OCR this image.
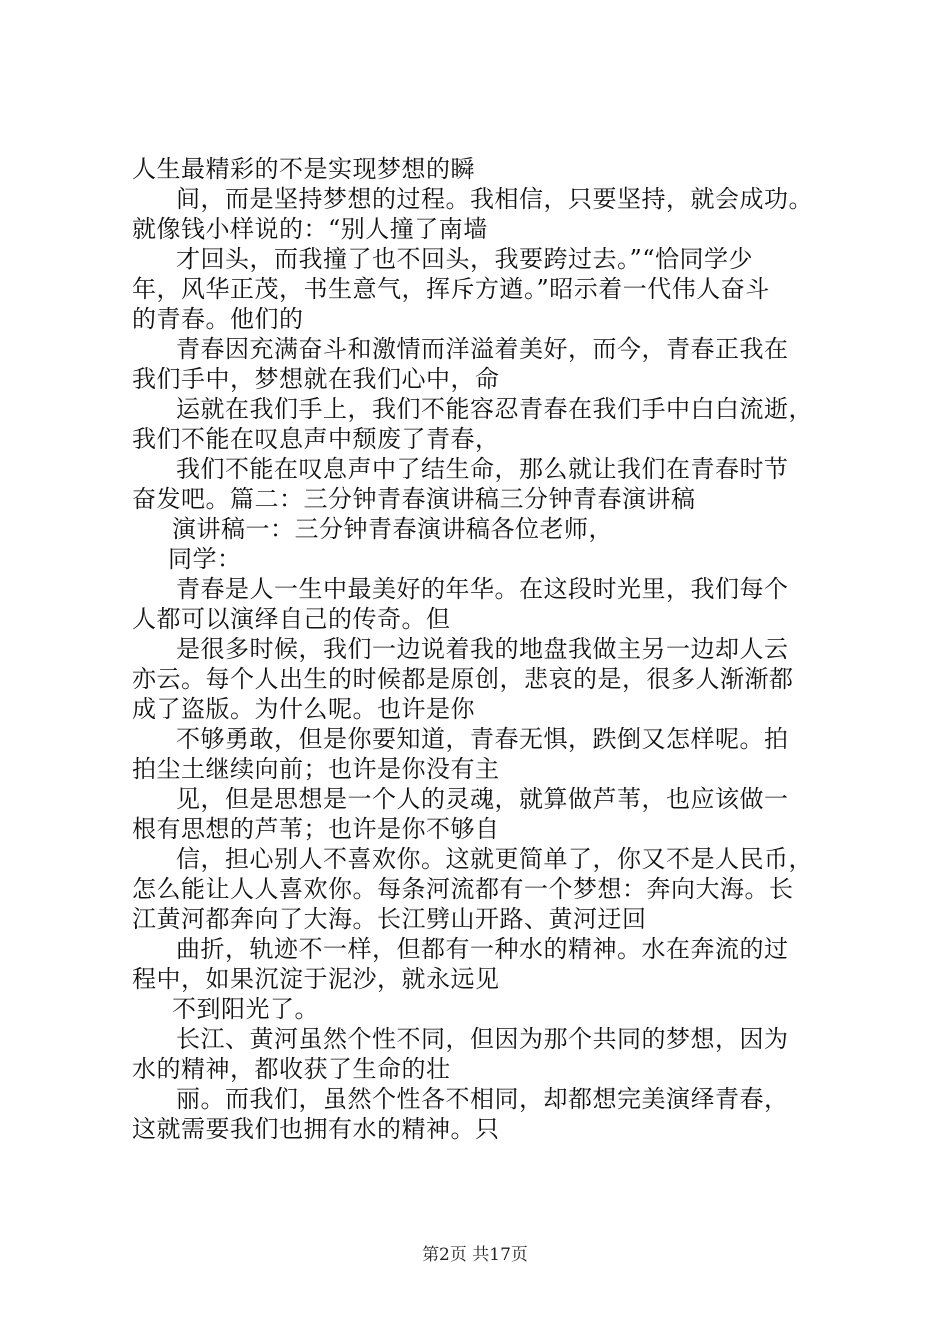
人生最精彩的不是实现梦想的瞬
间，而是坚持梦想的过程。我相信，只要坚持，就会成功。
就像钱小样说的：“别人撞了南墙
才回头，而我撞了也不回头，我要跨过去。”“恰同学少
年，风华正茂，书生意气，挥斥方遒。”昭示着一代伟人奋斗
的青春。他们的
青春因充满奋斗和激情而洋溢着美好，而今，青春正我在
我们手中，梦想就在我们心中，命
运就在我们手上，我们不能容忍青春在我们手中白白流逝，
我们不能在叹息声中颓废了青春，
我们不能在叹息声中了结生命，那么就让我们在青春时节
奋发吧。篇二：三分钟青春演讲稿三分钟青春演讲稿
演讲稿一：三分钟青春演讲稿各位老师，
同学：
青春是人一生中最美好的年华。在这段时光里，我们每个
人都可以演绎自己的传奇。但
是很多时候，我们一边说着我的地盘我做主另一边却人云
亦云。每个人出生的时候都是原创，悲哀的是，很多人渐渐都
成了盗版。为什么呢。也许是你
不够勇敢，但是你要知道，青春无惧，跌倒又怎样呢。拍
拍尘土继续向前；也许是你没有主
见，但是思想是一个人的灵魂，就算做芦苇，也应该做一
根有思想的芦苇；也许是你不够自
信，担心别人不喜欢你。这就更简单了，你又不是人民币，
怎么能让人人喜欢你。每条河流都有一个梦想：奔向大海。长
江黄河都奔向了大海。长江劈山开路、黄河迂回
曲折，轨迹不一样，但都有一种水的精神。水在奔流的过
程中，如果沉淀于泥沙，就永远见
不到阳光了。
长江、黄河虽然个性不同，但因为那个共同的梦想，因为
水的精神，都收获了生命的壮
丽。而我们，虽然个性各不相同，却都想完美演绎青春，
这就需要我们也拥有水的精神。只
第2页 共17页
